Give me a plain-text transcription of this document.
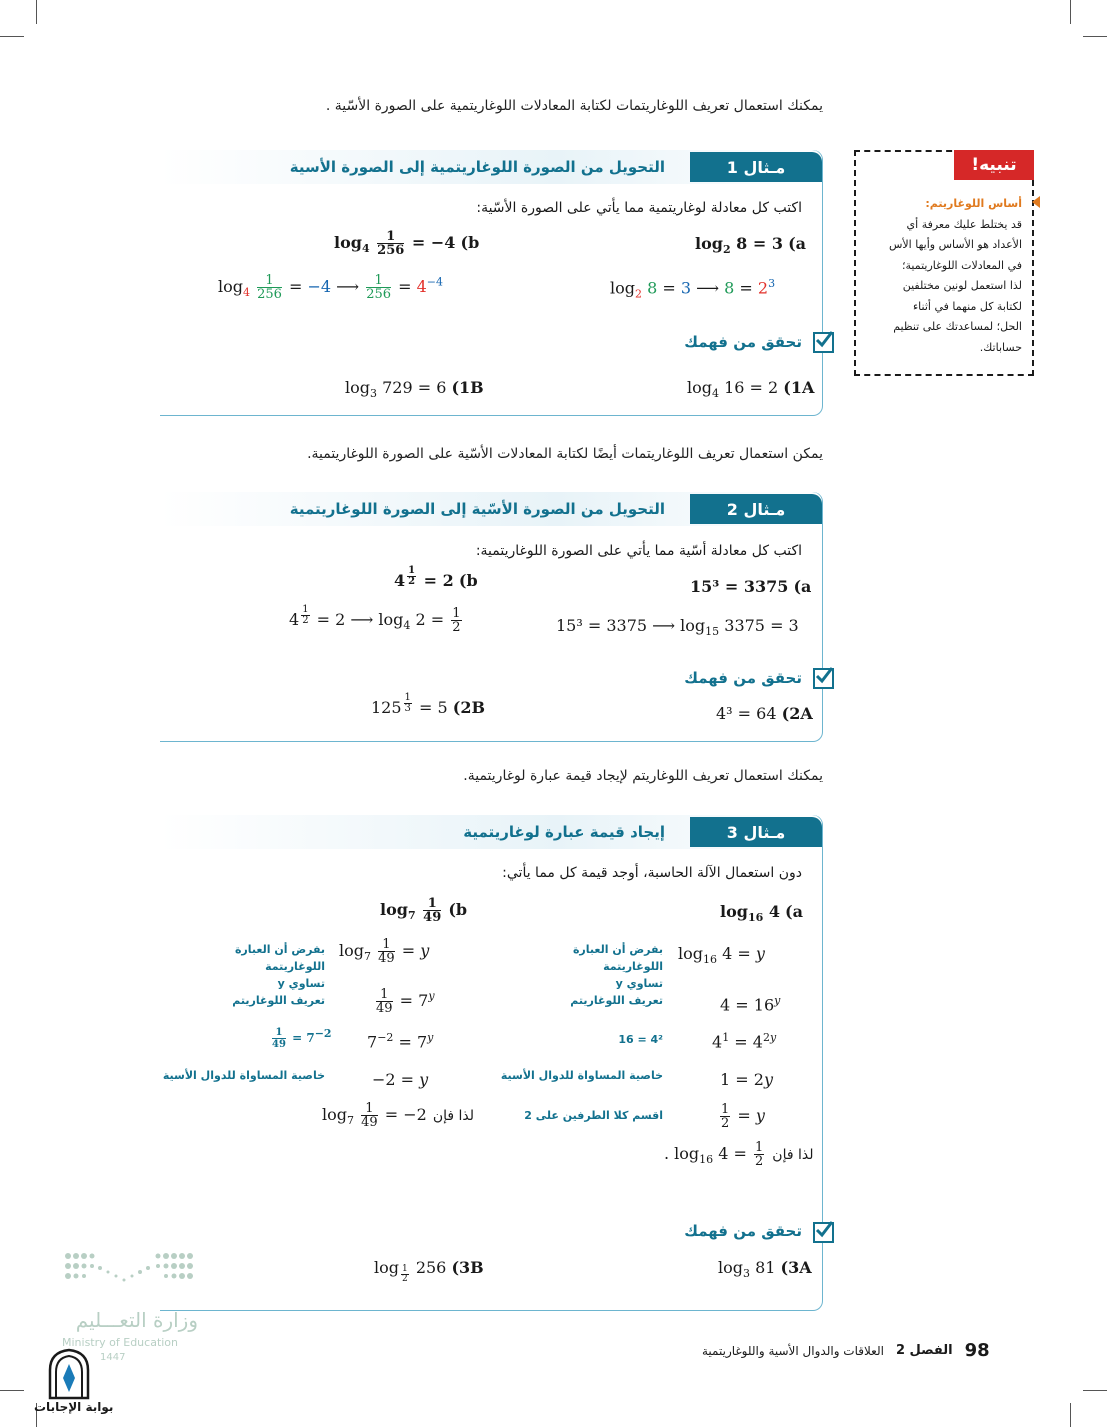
يمكنك استعمال تعريف اللوغاريتمات لكتابة المعادلات اللوغاريتمية على الصورة الأسّية .
مـثال 1
التحويل من الصورة اللوغاريتمية إلى الصورة الأسية
اكتب كل معادلة لوغاريتمية مما يأتي على الصورة الأسّية:
$\log_2 8 = 3$ (a
$\log_4 \frac{1}{256} = -4$ (b
$\log_2 8 = 3$ ⟶ $8 = 2^3$
$\log_4 \frac{1}{256} = -4$ ⟶ $\frac{1}{256} = 4^{-4}$
تحقق من فهمك
$\log_4 16 = 2$ (1A
$\log_3 729 = 6$ (1B
تنبيه!
أساس اللوغاريتم:
قد يختلط عليك معرفة أي
الأعداد هو الأساس وأيها الأس
في المعادلات اللوغاريتمية؛
لذا استعمل لونين مختلفين
لكتابة كل منهما في أثناء
الحل؛ لمساعدتك على تنظيم
حساباتك.
يمكن استعمال تعريف اللوغاريتمات أيضًا لكتابة المعادلات الأسّية على الصورة اللوغاريتمية.
مـثال 2
التحويل من الصورة الأسّية إلى الصورة اللوغاريتمية
اكتب كل معادلة أسّية مما يأتي على الصورة اللوغاريتمية:
15³ = 3375 (a
4 $^{\frac{1}{2}}$ = 2 (b
15³ = 3375 ⟶ $\log_{15} 3375 = 3$
4 $^{\frac{1}{2}}$ = 2 ⟶ $\log_4 2 = \frac{1}{2}$
تحقق من فهمك
4³ = 64 (2A
125 $^{\frac{1}{3}}$ = 5 (2B
يمكنك استعمال تعريف اللوغاريتم لإيجاد قيمة عبارة لوغاريتمية.
مـثال 3
إيجاد قيمة عبارة لوغاريتمية
دون استعمال الآلة الحاسبة، أوجد قيمة كل مما يأتي:
$\log_{16} 4$ (a
$\log_{16} 4 = y$
$4 = 16^y$
$4^1 = 4^{2y}$
1 = 2y
$\frac{1}{2} = y$
. $\log_{16} 4 = \frac{1}{2}$ لذا فإن
بفرض أن العبارة اللوغاريتمة
تساوي y
تعريف اللوغاريتم
16 = 4²
خاصية المساواة للدوال الأسية
اقسم كلا الطرفين على 2
$\log_7 \frac{1}{49} (b$
$\log_7 \frac{1}{49} = y$
$\frac{1}{49} = 7^y$
$7^{-2} = 7^y$
−2 = y
$\log_7 \frac{1}{49} = -2$ لذا فإن
بفرض أن العبارة اللوغاريتمة
تساوي y
تعريف اللوغاريتم
$\frac{1}{49} = 7^{-2}$
خاصية المساواة للدوال الأسية
تحقق من فهمك
$\log_3 81$ (3A
log $_{\frac{1}{2}}$ 256 (3B
98
الفصل 2
العلاقات والدوال الأسية واللوغاريتمية
وزارة التعـــليم
Ministry of Education
1447
بوابة الإجابات
